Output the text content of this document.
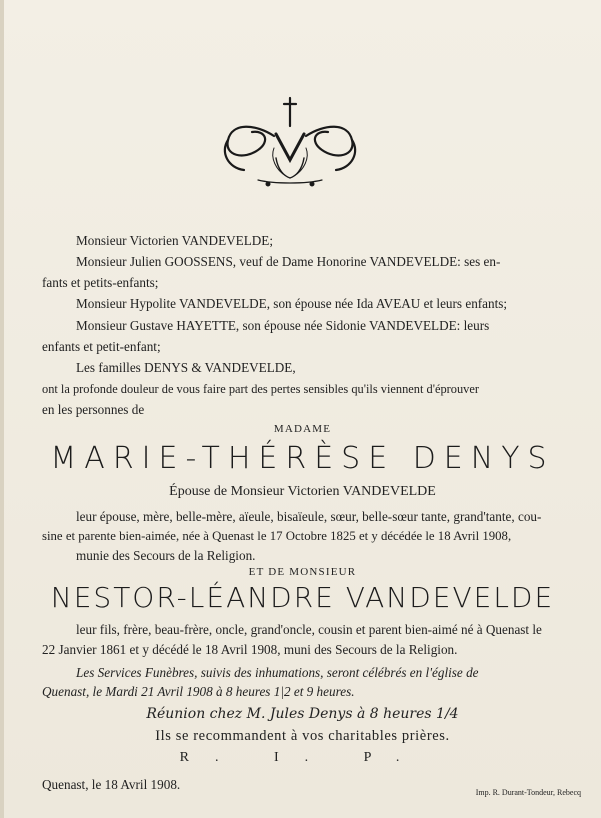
Monsieur Victorien VANDEVELDE;
Monsieur Julien GOOSSENS, veuf de Dame Honorine VANDEVELDE: ses en-
fants et petits-enfants;
Monsieur Hypolite VANDEVELDE, son épouse née Ida AVEAU et leurs enfants;
Monsieur Gustave HAYETTE, son épouse née Sidonie VANDEVELDE: leurs
enfants et petit-enfant;
Les familles DENYS & VANDEVELDE,
ont la profonde douleur de vous faire part des pertes sensibles qu'ils viennent d'éprouver
en les personnes de
MADAME
MARIE-THÉRÈSE DENYS
Épouse de Monsieur Victorien VANDEVELDE
leur épouse, mère, belle-mère, aïeule, bisaïeule, sœur, belle-sœur tante, grand'tante, cou-
sine et parente bien-aimée, née à Quenast le 17 Octobre 1825 et y décédée le 18 Avril 1908,
munie des Secours de la Religion.
ET DE MONSIEUR
NESTOR-LÉANDRE VANDEVELDE
leur fils, frère, beau-frère, oncle, grand'oncle, cousin et parent bien-aimé né à Quenast le
22 Janvier 1861 et y décédé le 18 Avril 1908, muni des Secours de la Religion.
Les Services Funèbres, suivis des inhumations, seront célébrés en l'église de
Quenast, le Mardi 21 Avril 1908 à 8 heures 1|2 et 9 heures.
Réunion chez M. Jules Denys à 8 heures 1/4
Ils se recommandent à vos charitables prières.
R. I. P.
Quenast, le 18 Avril 1908.
Imp. R. Durant-Tondeur, Rebecq
